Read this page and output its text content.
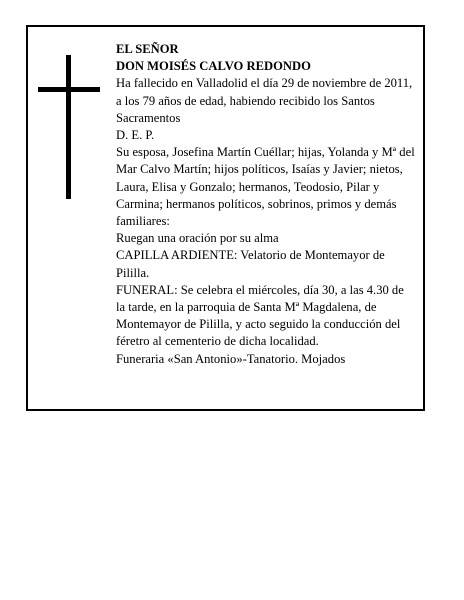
EL SEÑOR

DON MOISÉS CALVO REDONDO

Ha fallecido en Valladolid el día 29 de noviembre de 2011, a los 79 años de edad, habiendo recibido los Santos Sacramentos

D. E. P.

Su esposa, Josefina Martín Cuéllar; hijas, Yolanda y Mª del Mar Calvo Martín; hijos políticos, Isaías y Javier; nietos, Laura, Elisa y Gonzalo; hermanos, Teodosio, Pilar y Carmina; hermanos políticos, sobrinos, primos y demás familiares:

Ruegan una oración por su alma

CAPILLA ARDIENTE: Velatorio de Montemayor de Pililla.

FUNERAL: Se celebra el miércoles, día 30, a las 4.30 de la tarde, en la parroquia de Santa Mª Magdalena, de Montemayor de Pililla, y acto seguido la conducción del féretro al cementerio de dicha localidad.

Funeraria «San Antonio»-Tanatorio. Mojados
